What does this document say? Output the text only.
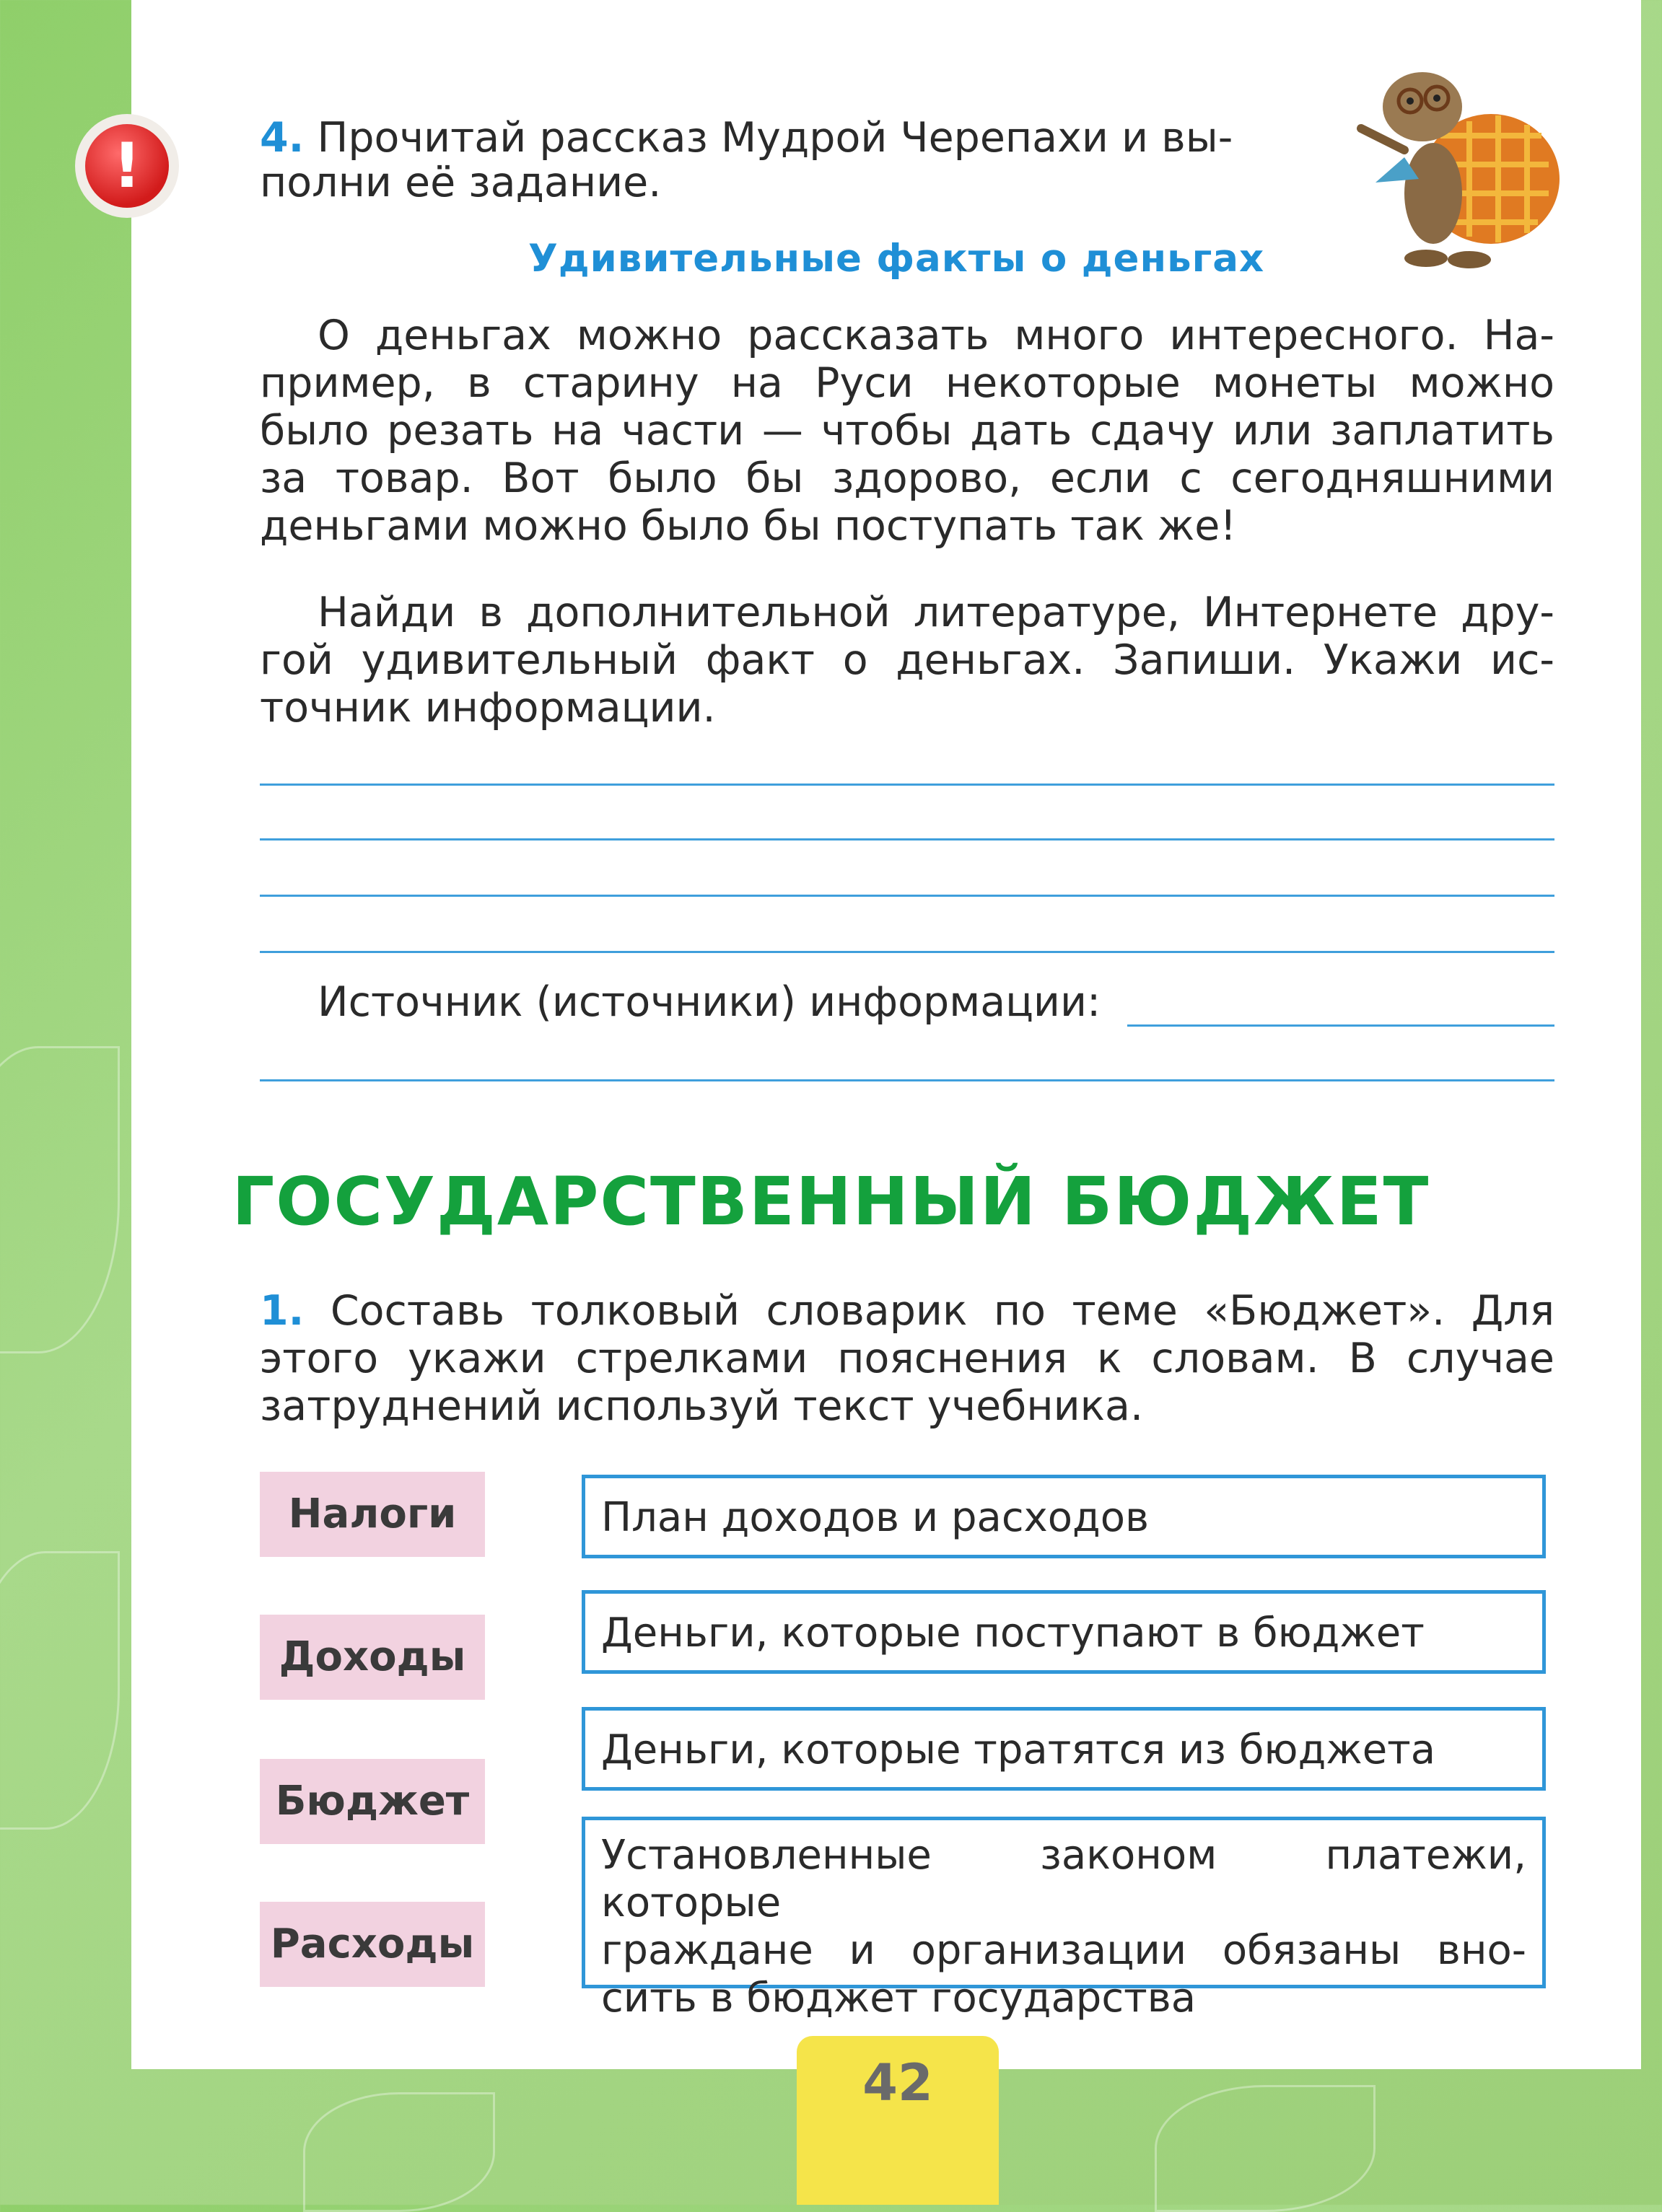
!	4. Прочитай рассказ Мудрой Черепахи и вы-
полни её задание.
Удивительные факты о деньгах
О деньгах можно рассказать много интересного. На-
пример, в старину на Руси некоторые монеты можно
было резать на части — чтобы дать сдачу или заплатить
за товар. Вот было бы здорово, если с сегодняшними
деньгами можно было бы поступать так же!
Найди в дополнительной литературе, Интернете дру-
гой удивительный факт о деньгах. Запиши. Укажи ис-
точник информации.
Источник (источники) информации:
ГОСУДАРСТВЕННЫЙ БЮДЖЕТ
1. Составь толковый словарик по теме «Бюджет». Для
этого укажи стрелками пояснения к словам. В случае
затруднений используй текст учебника.
Налоги
Доходы
Бюджет
Расходы
План доходов и расходов
Деньги, которые поступают в бюджет
Деньги, которые тратятся из бюджета
Установленные законом платежи, которые
граждане и организации обязаны вно-
сить в бюджет государства
42
